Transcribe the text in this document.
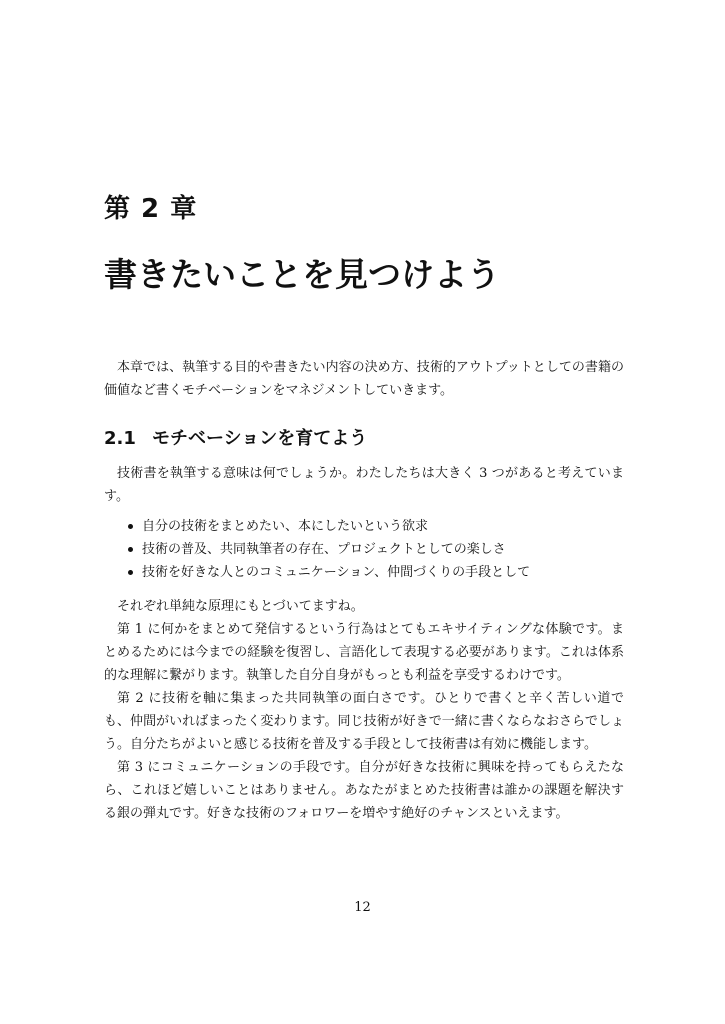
第 2 章
書きたいことを見つけよう

本章では、執筆する目的や書きたい内容の決め方、技術的アウトプットとしての書籍の価値など書くモチベーションをマネジメントしていきます。

2.1 モチベーションを育てよう

技術書を執筆する意味は何でしょうか。わたしたちは大きく 3 つがあると考えています。

自分の技術をまとめたい、本にしたいという欲求
技術の普及、共同執筆者の存在、プロジェクトとしての楽しさ
技術を好きな人とのコミュニケーション、仲間づくりの手段として

それぞれ単純な原理にもとづいてますね。

第 1 に何かをまとめて発信するという行為はとてもエキサイティングな体験です。まとめるためには今までの経験を復習し、言語化して表現する必要があります。これは体系的な理解に繋がります。執筆した自分自身がもっとも利益を享受するわけです。

第 2 に技術を軸に集まった共同執筆の面白さです。ひとりで書くと辛く苦しい道でも、仲間がいればまったく変わります。同じ技術が好きで一緒に書くならなおさらでしょう。自分たちがよいと感じる技術を普及する手段として技術書は有効に機能します。

第 3 にコミュニケーションの手段です。自分が好きな技術に興味を持ってもらえたなら、これほど嬉しいことはありません。あなたがまとめた技術書は誰かの課題を解決する銀の弾丸です。好きな技術のフォロワーを増やす絶好のチャンスといえます。

12
